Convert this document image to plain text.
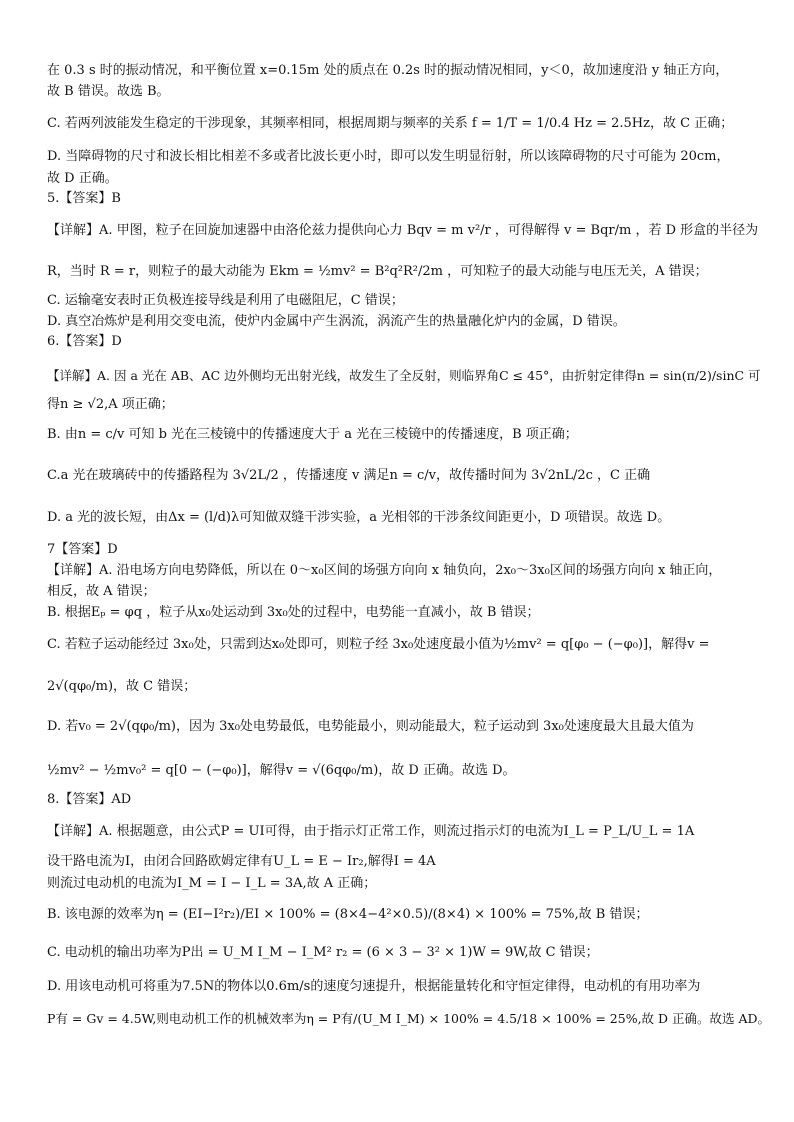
在 0.3 s 时的振动情况，和平衡位置 x=0.15m 处的质点在 0.2s 时的振动情况相同，y＜0，故加速度沿 y 轴正方向，
故 B 错误。故选 B。
C. 若两列波能发生稳定的干涉现象，其频率相同，根据周期与频率的关系 f = 1/T = 1/0.4 Hz = 2.5Hz，故 C 正确；
D. 当障碍物的尺寸和波长相比相差不多或者比波长更小时，即可以发生明显衍射，所以该障碍物的尺寸可能为 20cm，
故 D 正确。
5.【答案】B
【详解】A. 甲图，粒子在回旋加速器中由洛伦兹力提供向心力 Bqv = m v²/r ，可得解得 v = Bqr/m ，若 D 形盒的半径为
R，当时 R = r，则粒子的最大动能为 Ekm = ½mv² = B²q²R²/2m ，可知粒子的最大动能与电压无关，A 错误；
C. 运输毫安表时正负极连接导线是利用了电磁阻尼，C 错误；
D. 真空冶炼炉是利用交变电流，使炉内金属中产生涡流，涡流产生的热量融化炉内的金属，D 错误。
6.【答案】D
【详解】A. 因 a 光在 AB、AC 边外侧均无出射光线，故发生了全反射，则临界角C ≤ 45°，由折射定律得n = sin(π/2)/sinC 可
得n ≥ √2,A 项正确；
B. 由n = c/v 可知 b 光在三棱镜中的传播速度大于 a 光在三棱镜中的传播速度，B 项正确；
C.a 光在玻璃砖中的传播路程为 3√2L/2 ，传播速度 v 满足n = c/v，故传播时间为 3√2nL/2c ，C 正确
D. a 光的波长短，由Δx = (l/d)λ可知做双缝干涉实验，a 光相邻的干涉条纹间距更小，D 项错误。故选 D。
7【答案】D
【详解】A. 沿电场方向电势降低，所以在 0～x₀区间的场强方向向 x 轴负向，2x₀～3x₀区间的场强方向向 x 轴正向，
相反，故 A 错误；
B. 根据Eₚ = φq ，粒子从x₀处运动到 3x₀处的过程中，电势能一直减小，故 B 错误；
C. 若粒子运动能经过 3x₀处，只需到达x₀处即可，则粒子经 3x₀处速度最小值为½mv² = q[φ₀ − (−φ₀)]，解得v =
2√(qφ₀/m)，故 C 错误；
D. 若v₀ = 2√(qφ₀/m)，因为 3x₀处电势最低，电势能最小，则动能最大，粒子运动到 3x₀处速度最大且最大值为
½mv² − ½mv₀² = q[0 − (−φ₀)]，解得v = √(6qφ₀/m)，故 D 正确。故选 D。
8.【答案】AD
【详解】A. 根据题意，由公式P = UI可得，由于指示灯正常工作，则流过指示灯的电流为I_L = P_L/U_L = 1A
设干路电流为I，由闭合回路欧姆定律有U_L = E − Ir₂,解得I = 4A
则流过电动机的电流为I_M = I − I_L = 3A,故 A 正确；
B. 该电源的效率为η = (EI−I²r₂)/EI × 100% = (8×4−4²×0.5)/(8×4) × 100% = 75%,故 B 错误；
C. 电动机的输出功率为P出 = U_M I_M − I_M² r₂ = (6 × 3 − 3² × 1)W = 9W,故 C 错误；
D. 用该电动机可将重为7.5N的物体以0.6m/s的速度匀速提升，根据能量转化和守恒定律得，电动机的有用功率为
P有 = Gv = 4.5W,则电动机工作的机械效率为η = P有/(U_M I_M) × 100% = 4.5/18 × 100% = 25%,故 D 正确。故选 AD。
